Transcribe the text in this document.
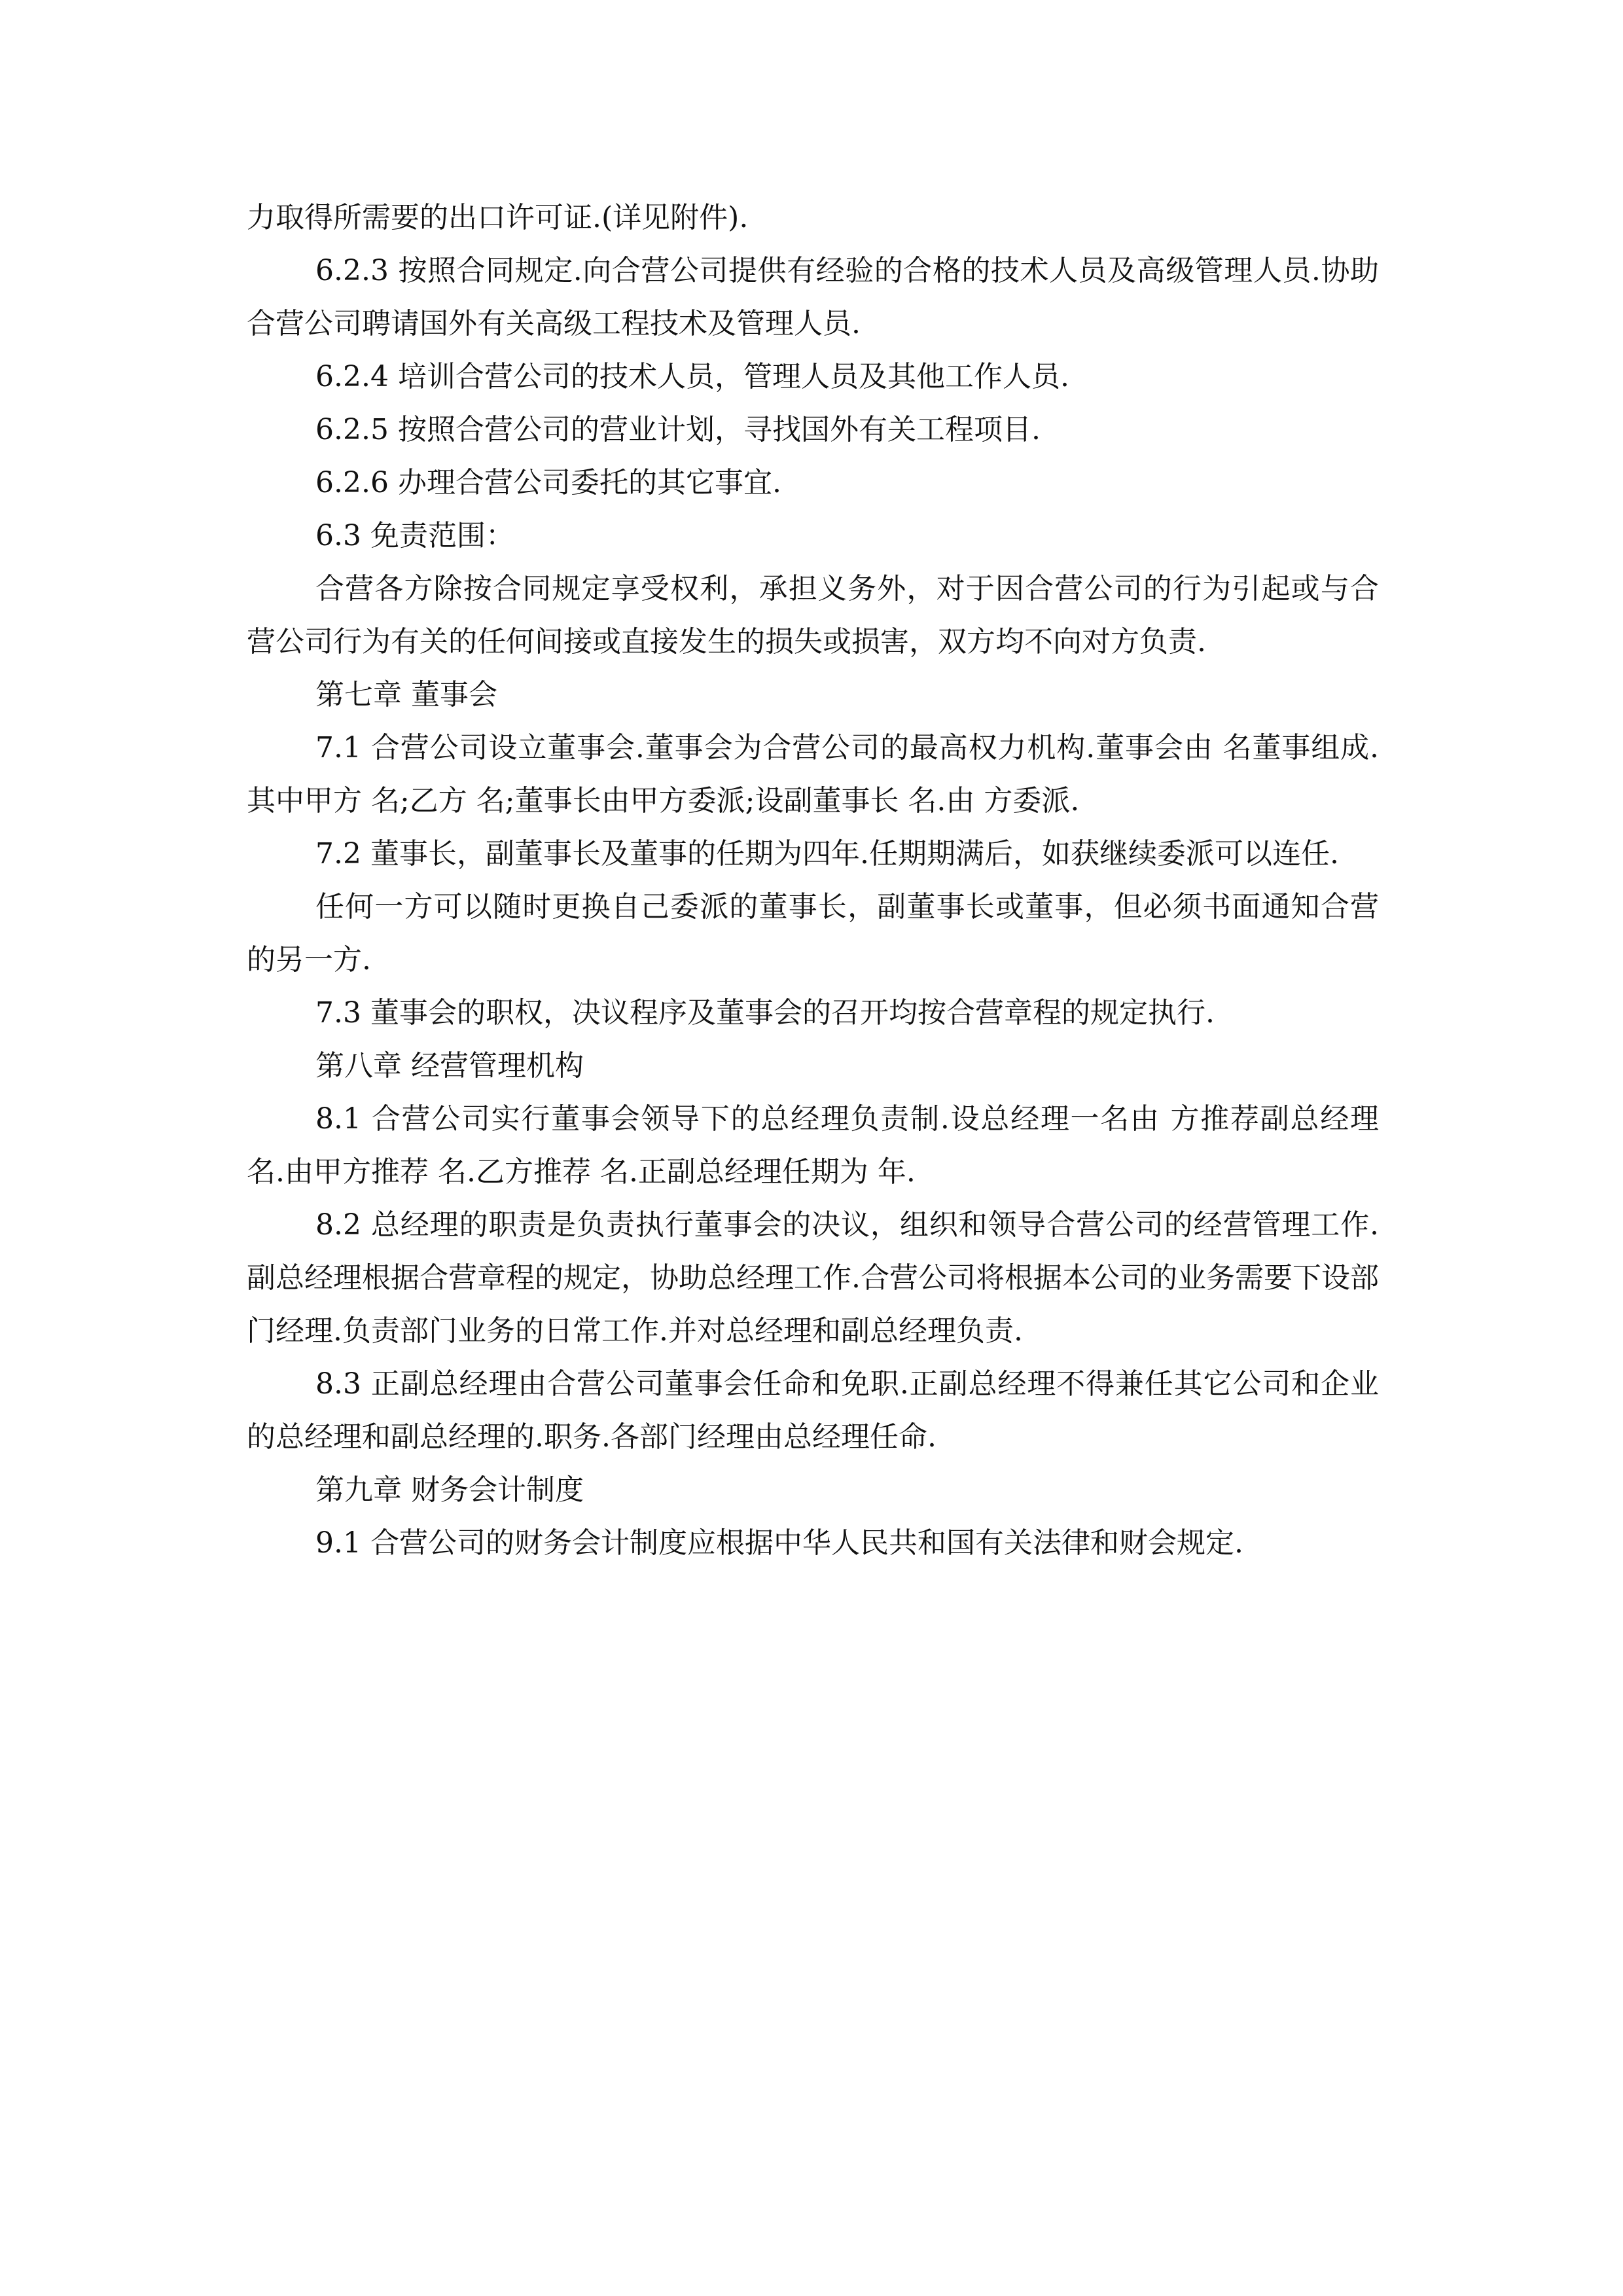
力取得所需要的出口许可证.(详见附件).

6.2.3 按照合同规定.向合营公司提供有经验的合格的技术人员及高级管理人员.协助合营公司聘请国外有关高级工程技术及管理人员.

6.2.4 培训合营公司的技术人员，管理人员及其他工作人员.

6.2.5 按照合营公司的营业计划，寻找国外有关工程项目.

6.2.6 办理合营公司委托的其它事宜.

6.3 免责范围：

合营各方除按合同规定享受权利，承担义务外，对于因合营公司的行为引起或与合营公司行为有关的任何间接或直接发生的损失或损害，双方均不向对方负责.

第七章 董事会

7.1 合营公司设立董事会.董事会为合营公司的最高权力机构.董事会由 名董事组成.其中甲方 名;乙方 名;董事长由甲方委派;设副董事长 名.由 方委派.

7.2 董事长，副董事长及董事的任期为四年.任期期满后，如获继续委派可以连任.

任何一方可以随时更换自己委派的董事长，副董事长或董事，但必须书面通知合营的另一方.

7.3 董事会的职权，决议程序及董事会的召开均按合营章程的规定执行.

第八章 经营管理机构

8.1 合营公司实行董事会领导下的总经理负责制.设总经理一名由 方推荐副总经理 名.由甲方推荐 名.乙方推荐 名.正副总经理任期为 年.

8.2 总经理的职责是负责执行董事会的决议，组织和领导合营公司的经营管理工作.副总经理根据合营章程的规定，协助总经理工作.合营公司将根据本公司的业务需要下设部门经理.负责部门业务的日常工作.并对总经理和副总经理负责.

8.3 正副总经理由合营公司董事会任命和免职.正副总经理不得兼任其它公司和企业的总经理和副总经理的.职务.各部门经理由总经理任命.

第九章 财务会计制度

9.1 合营公司的财务会计制度应根据中华人民共和国有关法律和财会规定.
